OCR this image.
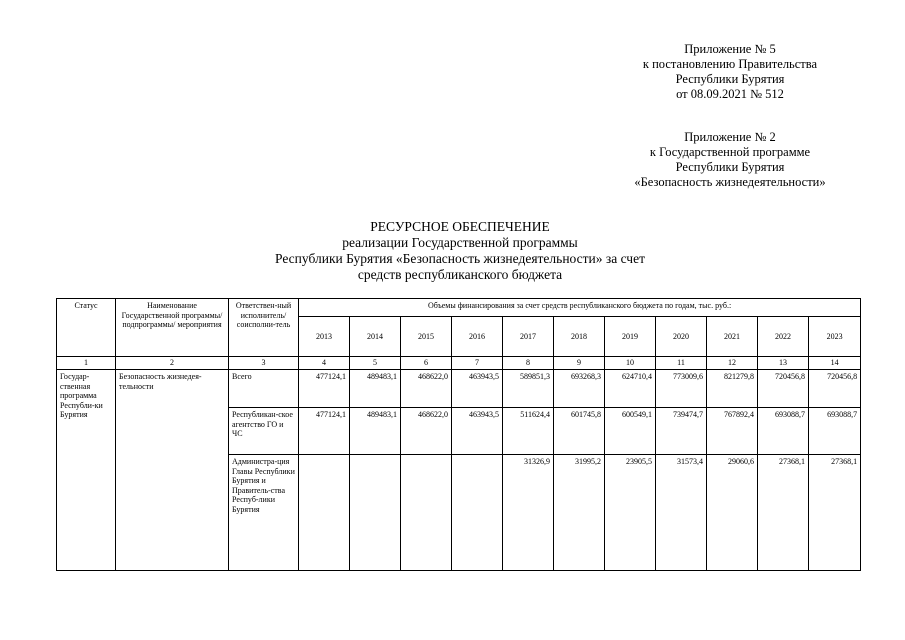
Приложение № 5
к постановлению Правительства
Республики Бурятия
от 08.09.2021 № 512
Приложение № 2
к Государственной программе
Республики Бурятия
«Безопасность жизнедеятельности»
РЕСУРСНОЕ ОБЕСПЕЧЕНИЕ
реализации Государственной программы
Республики Бурятия «Безопасность жизнедеятельности» за счет
средств республиканского бюджета
Статус	Наименование Государственной программы/ подпрограммы/ мероприятия	Ответствен-ный исполнитель/ соисполни-тель	Объемы финансирования за счет средств республиканского бюджета по годам, тыс. руб.:										
			2013	2014	2015	2016	2017	2018	2019	2020	2021	2022	2023
1	2	3	4	5	6	7	8	9	10	11	12	13	14
Государ-ственная программа Республи-ки Бурятия	Безопасность жизнедея-тельности	Всего	477124,1	489483,1	468622,0	463943,5	589851,3	693268,3	624710,4	773009,6	821279,8	720456,8	720456,8
		Республикан-ское агентство ГО и ЧС	477124,1	489483,1	468622,0	463943,5	511624,4	601745,8	600549,1	739474,7	767892,4	693088,7	693088,7
		Администра-ция Главы Республики Бурятия и Правитель-ства Респуб-лики Бурятия					31326,9	31995,2	23905,5	31573,4	29060,6	27368,1	27368,1
